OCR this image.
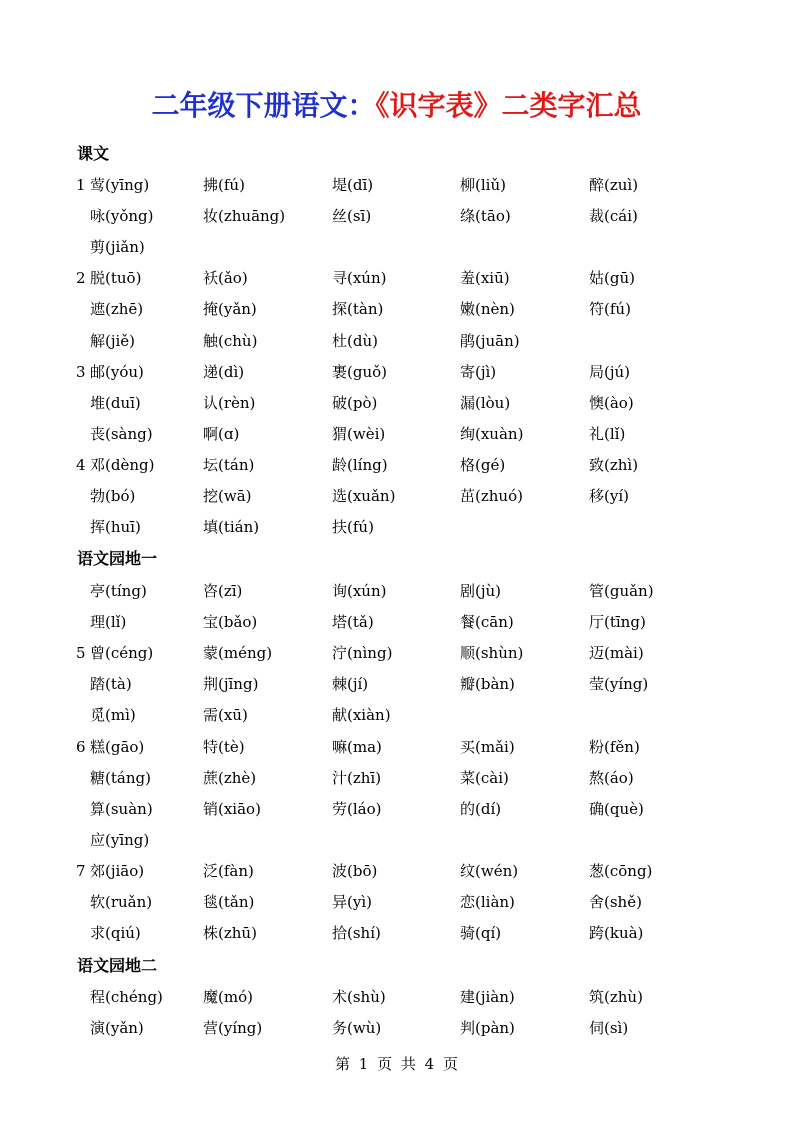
二年级下册语文：《识字表》二类字汇总
课文
1 莺(yīng)	拂(fú)	堤(dī)	柳(liǔ)	醉(zuì)
咏(yǒng)	妆(zhuāng)	丝(sī)	绦(tāo)	裁(cái)
剪(jiǎn)
2 脱(tuō)	袄(ǎo)	寻(xún)	羞(xiū)	姑(gū)
遮(zhē)	掩(yǎn)	探(tàn)	嫩(nèn)	符(fú)
解(jiě)	触(chù)	杜(dù)	鹃(juān)
3 邮(yóu)	递(dì)	裹(guǒ)	寄(jì)	局(jú)
堆(duī)	认(rèn)	破(pò)	漏(lòu)	懊(ào)
丧(sàng)	啊(ɑ)	猬(wèi)	绚(xuàn)	礼(lǐ)
4 邓(dèng)	坛(tán)	龄(líng)	格(gé)	致(zhì)
勃(bó)	挖(wā)	选(xuǎn)	茁(zhuó)	移(yí)
挥(huī)	填(tián)	扶(fú)
语文园地一
亭(tíng)	咨(zī)	询(xún)	剧(jù)	管(guǎn)
理(lǐ)	宝(bǎo)	塔(tǎ)	餐(cān)	厅(tīng)
5 曾(céng)	蒙(méng)	泞(nìng)	顺(shùn)	迈(mài)
踏(tà)	荆(jīng)	棘(jí)	瓣(bàn)	莹(yíng)
觅(mì)	需(xū)	献(xiàn)
6 糕(gāo)	特(tè)	嘛(ma)	买(mǎi)	粉(fěn)
糖(táng)	蔗(zhè)	汁(zhī)	菜(cài)	熬(áo)
算(suàn)	销(xiāo)	劳(láo)	的(dí)	确(què)
应(yīng)
7 郊(jiāo)	泛(fàn)	波(bō)	纹(wén)	葱(cōng)
软(ruǎn)	毯(tǎn)	异(yì)	恋(liàn)	舍(shě)
求(qiú)	株(zhū)	拾(shí)	骑(qí)	跨(kuà)
语文园地二
程(chéng)	魔(mó)	术(shù)	建(jiàn)	筑(zhù)
演(yǎn)	营(yíng)	务(wù)	判(pàn)	伺(sì)
第 1 页 共 4 页
